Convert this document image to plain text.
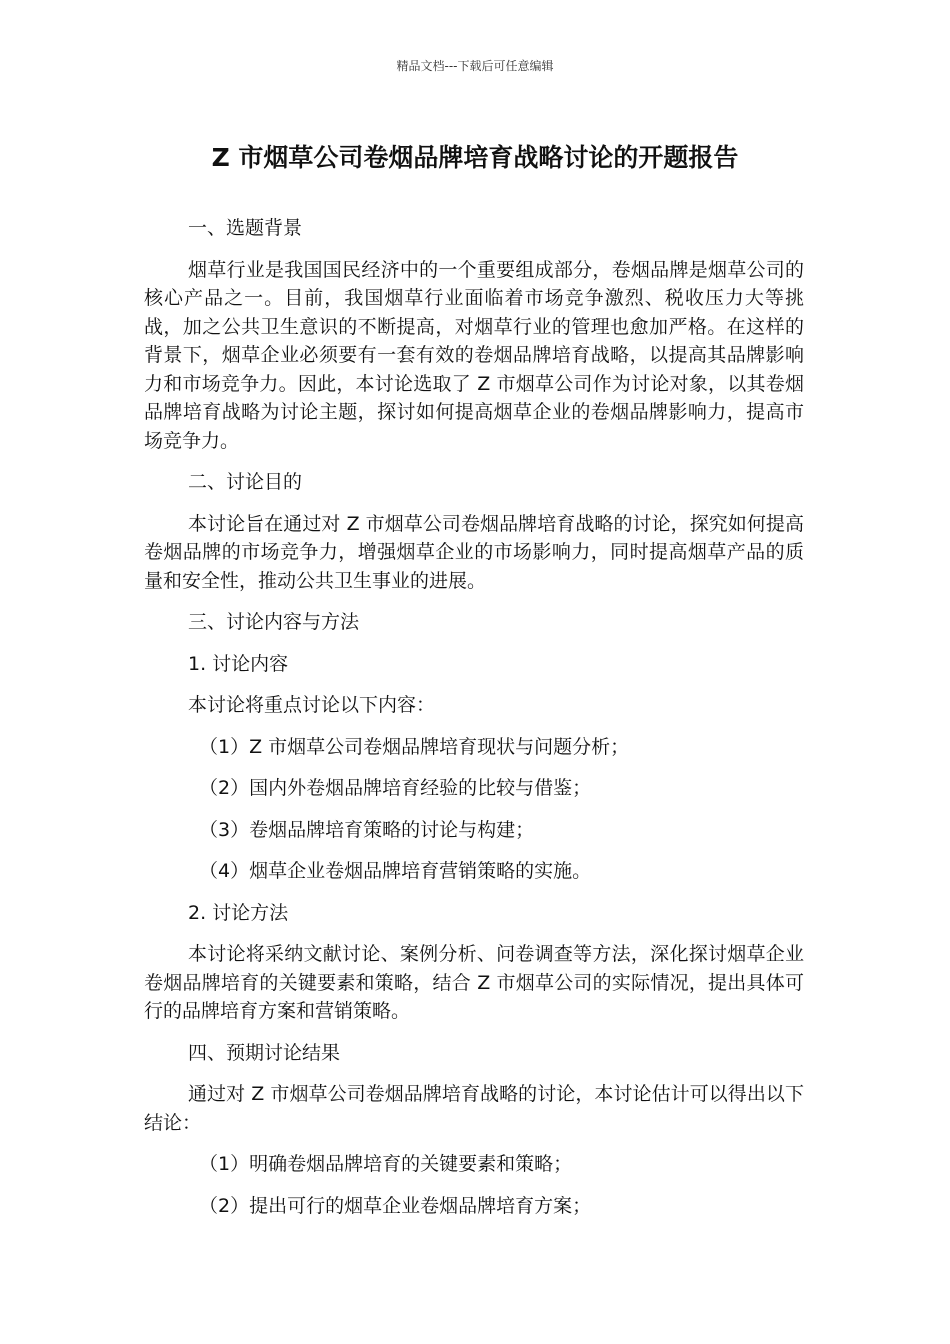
精品文档---下载后可任意编辑
Z 市烟草公司卷烟品牌培育战略讨论的开题报告
一、选题背景
烟草行业是我国国民经济中的一个重要组成部分，卷烟品牌是烟草公司的核心产品之一。目前，我国烟草行业面临着市场竞争激烈、税收压力大等挑战，加之公共卫生意识的不断提高，对烟草行业的管理也愈加严格。在这样的背景下，烟草企业必须要有一套有效的卷烟品牌培育战略，以提高其品牌影响力和市场竞争力。因此，本讨论选取了 Z 市烟草公司作为讨论对象，以其卷烟品牌培育战略为讨论主题，探讨如何提高烟草企业的卷烟品牌影响力，提高市场竞争力。
二、讨论目的
本讨论旨在通过对 Z 市烟草公司卷烟品牌培育战略的讨论，探究如何提高卷烟品牌的市场竞争力，增强烟草企业的市场影响力，同时提高烟草产品的质量和安全性，推动公共卫生事业的进展。
三、讨论内容与方法
1. 讨论内容
本讨论将重点讨论以下内容：
（1）Z 市烟草公司卷烟品牌培育现状与问题分析；
（2）国内外卷烟品牌培育经验的比较与借鉴；
（3）卷烟品牌培育策略的讨论与构建；
（4）烟草企业卷烟品牌培育营销策略的实施。
2. 讨论方法
本讨论将采纳文献讨论、案例分析、问卷调查等方法，深化探讨烟草企业卷烟品牌培育的关键要素和策略，结合 Z 市烟草公司的实际情况，提出具体可行的品牌培育方案和营销策略。
四、预期讨论结果
通过对 Z 市烟草公司卷烟品牌培育战略的讨论，本讨论估计可以得出以下结论：
（1）明确卷烟品牌培育的关键要素和策略；
（2）提出可行的烟草企业卷烟品牌培育方案；
